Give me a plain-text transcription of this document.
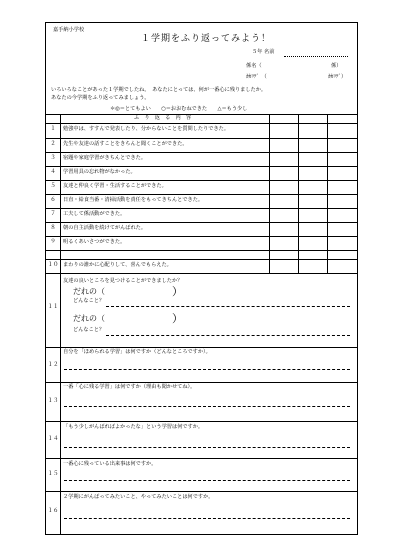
嘉手納小学校
１学期をふり返ってみよう！
５年 名前
係名（	係）
ｶｶﾘﾃﾞ　（	ｶｶﾘﾃﾞ）
いろいろなことがあった１学期でしたね。　あなたにとっては、何が一番心に残りましたか。
あなたの今学期をふり返ってみましょう。
＊◎＝とてもよい　　○＝おおむねできた　　△＝もう少し
ふ　り　返　る　内　容
１	勉強中は、すすんで発表したり、分からないことを質問したりできた。
２	先生や友達の話すことをきちんと聞くことができた。
３	宿題や家庭学習がきちんとできた。
４	学習用具の忘れ物がなかった。
５	友達と仲良く学習・生活することができた。
６	日直・給食当番・清掃活動を責任をもってきちんとできた。
７	工夫して係活動ができた。
８	朝の自主活動を続けてがんばれた。
９	明るくあいさつができた。
１０ まわりの誰かに心配りして、喜んでもらえた。
１１
友達の良いところを見つけることができましたか？
だれの（	）
どんなこと？
だれの（	）
どんなこと？
１２
自分を「ほめられる学習」は何ですか（どんなところですか）。
１３
一番「心に残る学習」は何ですか（理由も聞かせてね）。
１４
「もう少しがんばればよかったな」という学習は何ですか。
１５
一番心に残っている出来事は何ですか。
１６
２学期にがんばってみたいこと、やってみたいことは何ですか。
